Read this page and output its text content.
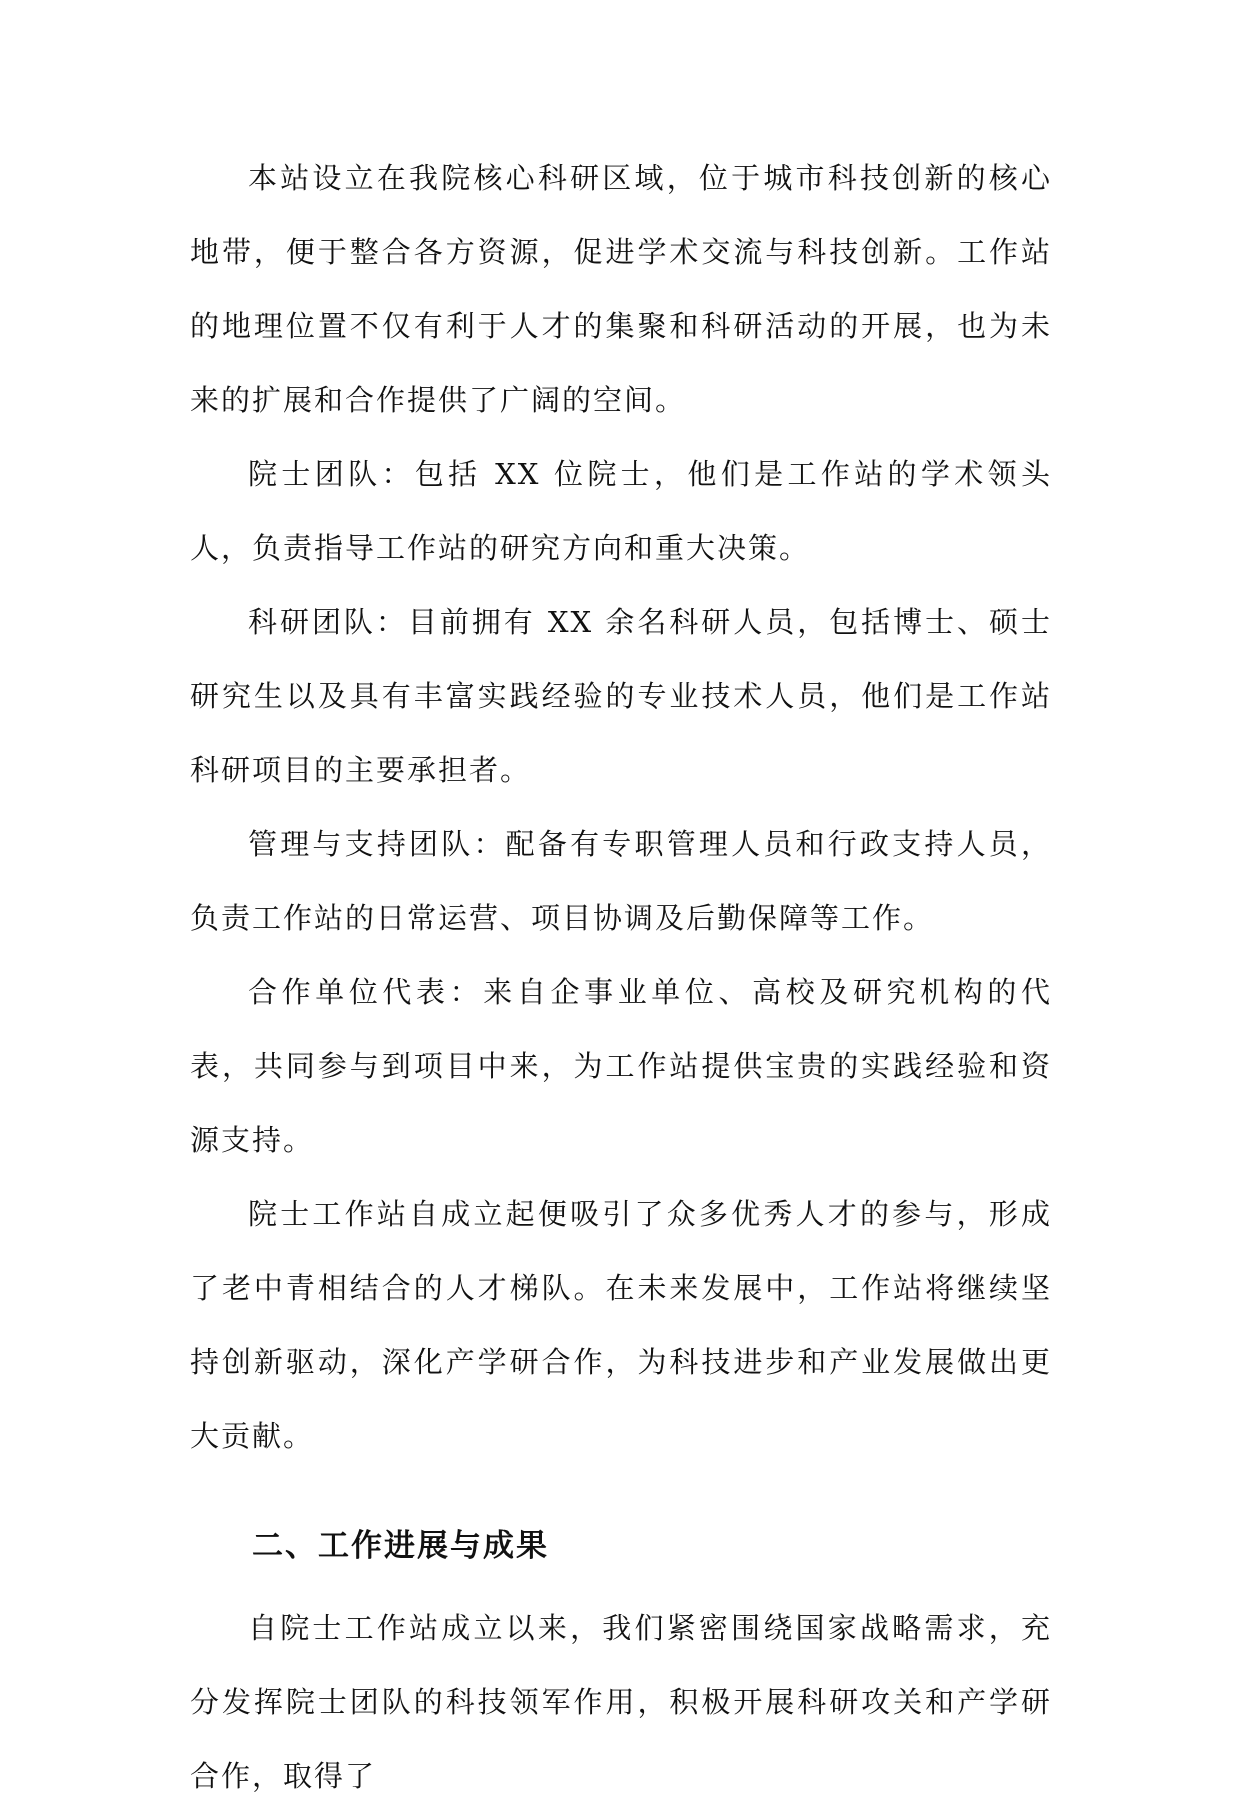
本站设立在我院核心科研区域，位于城市科技创新的核心地带，便于整合各方资源，促进学术交流与科技创新。工作站的地理位置不仅有利于人才的集聚和科研活动的开展，也为未来的扩展和合作提供了广阔的空间。

院士团队：包括 XX 位院士，他们是工作站的学术领头人，负责指导工作站的研究方向和重大决策。

科研团队：目前拥有 XX 余名科研人员，包括博士、硕士研究生以及具有丰富实践经验的专业技术人员，他们是工作站科研项目的主要承担者。

管理与支持团队：配备有专职管理人员和行政支持人员，负责工作站的日常运营、项目协调及后勤保障等工作。

合作单位代表：来自企事业单位、高校及研究机构的代表，共同参与到项目中来，为工作站提供宝贵的实践经验和资源支持。

院士工作站自成立起便吸引了众多优秀人才的参与，形成了老中青相结合的人才梯队。在未来发展中，工作站将继续坚持创新驱动，深化产学研合作，为科技进步和产业发展做出更大贡献。

二、工作进展与成果

自院士工作站成立以来，我们紧密围绕国家战略需求，充分发挥院士团队的科技领军作用，积极开展科研攻关和产学研合作，取得了
